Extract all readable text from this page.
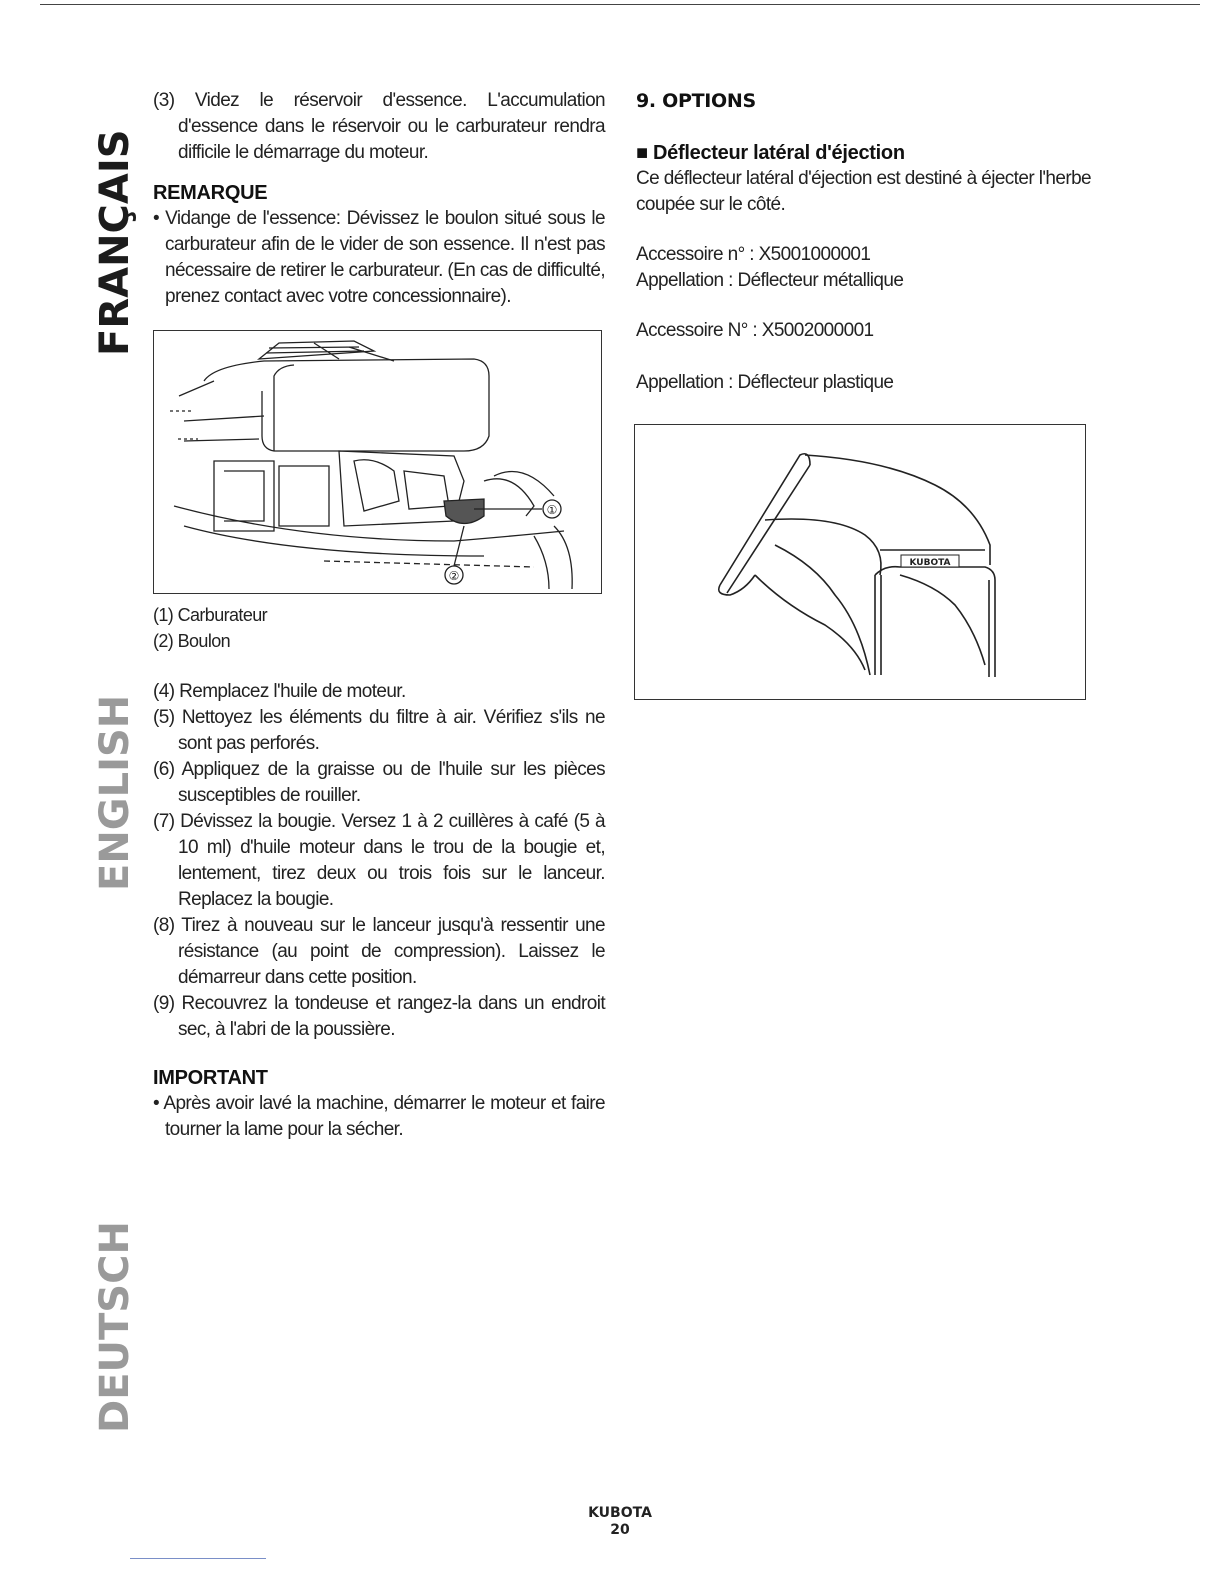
FRANÇAIS
ENGLISH
DEUTSCH
(3) Videz le réservoir d'essence. L'accumulation d'essence dans le réservoir ou le carburateur rendra difficile le démarrage du moteur.
REMARQUE
• Vidange de l'essence: Dévissez le boulon situé sous le carburateur afin de le vider de son essence. Il n'est pas nécessaire de retirer le carburateur. (En cas de difficulté, prenez contact avec votre concessionnaire).
①
②
(1) Carburateur
(2) Boulon
(4) Remplacez l'huile de moteur.
(5) Nettoyez les éléments du filtre à air. Vérifiez s'ils ne sont pas perforés.
(6) Appliquez de la graisse ou de l'huile sur les pièces susceptibles de rouiller.
(7) Dévissez la bougie. Versez 1 à 2 cuillères à café (5 à 10 ml) d'huile moteur dans le trou de la bougie et, lentement, tirez deux ou trois fois sur le lanceur. Replacez la bougie.
(8) Tirez à nouveau sur le lanceur jusqu'à ressentir une résistance (au point de compression). Laissez le démarreur dans cette position.
(9) Recouvrez la tondeuse et rangez-la dans un endroit sec, à l'abri de la poussière.
IMPORTANT
• Après avoir lavé la machine, démarrer le moteur et faire tourner la lame pour la sécher.
9. OPTIONS
■ Déflecteur latéral d'éjection
Ce déflecteur latéral d'éjection est destiné à éjecter l'herbe coupée sur le côté.
Accessoire n° : X5001000001
Appellation : Déflecteur métallique
Accessoire N° : X5002000001
Appellation : Déflecteur plastique
KUBOTA
KUBOTA
20
